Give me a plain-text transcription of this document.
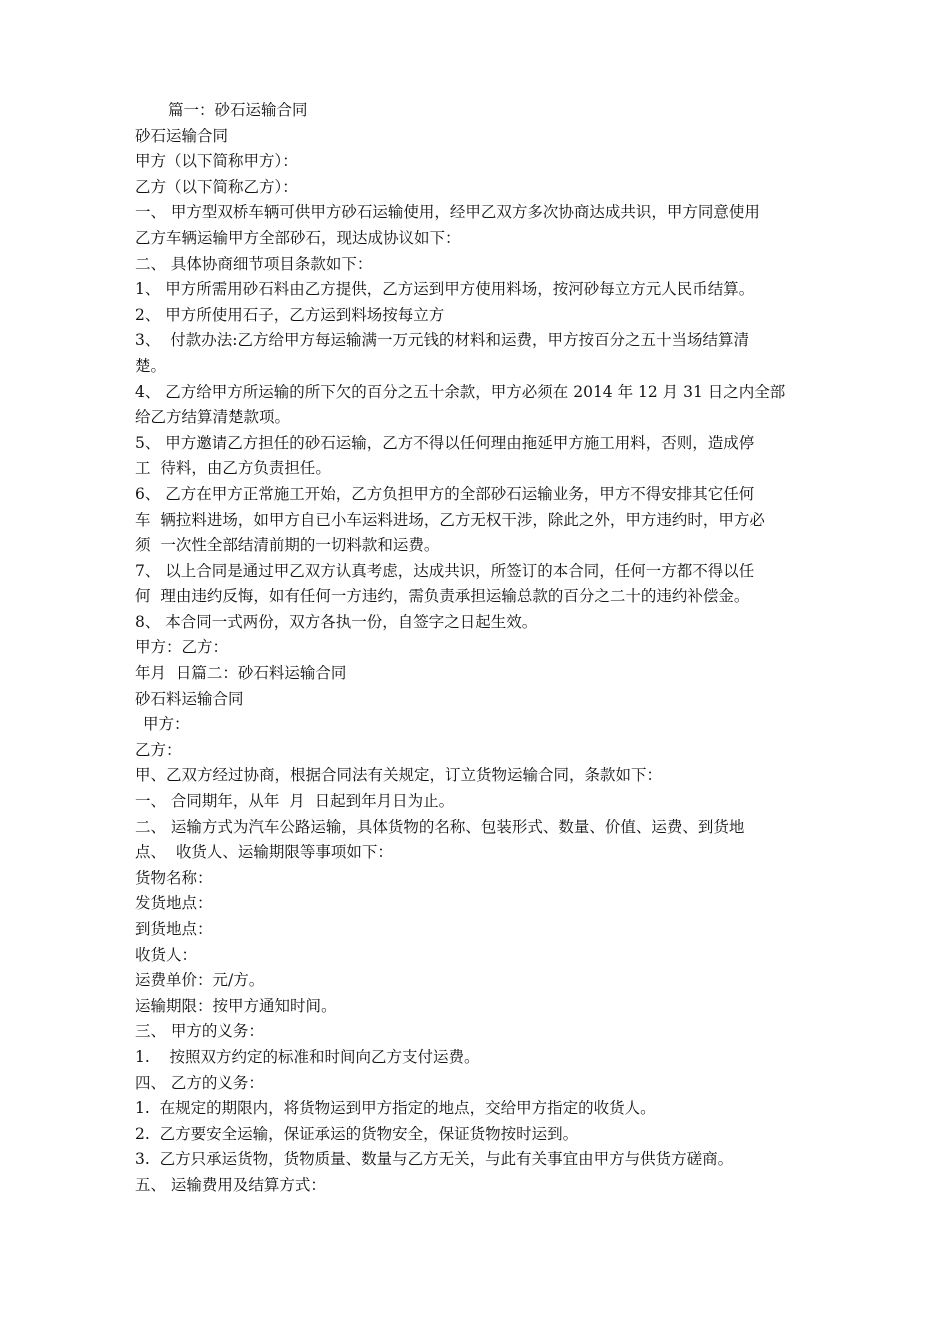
篇一：砂石运输合同
砂石运输合同
甲方（以下简称甲方）：
乙方（以下简称乙方）：
一、 甲方型双桥车辆可供甲方砂石运输使用，经甲乙双方多次协商达成共识，甲方同意使用
乙方车辆运输甲方全部砂石，现达成协议如下：
二、 具体协商细节项目条款如下：
1、 甲方所需用砂石料由乙方提供，乙方运到甲方使用料场，按河砂每立方元人民币结算。
2、 甲方所使用石子，乙方运到料场按每立方
3、  付款办法:乙方给甲方每运输满一万元钱的材料和运费，甲方按百分之五十当场结算清
楚。
4、 乙方给甲方所运输的所下欠的百分之五十余款，甲方必须在 2014 年 12 月 31 日之内全部
给乙方结算清楚款项。
5、 甲方邀请乙方担任的砂石运输，乙方不得以任何理由拖延甲方施工用料，否则，造成停
工  待料，由乙方负责担任。
6、 乙方在甲方正常施工开始，乙方负担甲方的全部砂石运输业务，甲方不得安排其它任何
车  辆拉料进场，如甲方自已小车运料进场，乙方无权干涉，除此之外，甲方违约时，甲方必
须  一次性全部结清前期的一切料款和运费。
7、 以上合同是通过甲乙双方认真考虑，达成共识，所签订的本合同，任何一方都不得以任
何  理由违约反悔，如有任何一方违约，需负责承担运输总款的百分之二十的违约补偿金。
8、 本合同一式两份，双方各执一份，自签字之日起生效。
甲方：乙方：
年月  日篇二：砂石料运输合同
砂石料运输合同
甲方：
乙方：
甲、乙双方经过协商，根据合同法有关规定，订立货物运输合同，条款如下：
一、 合同期年，从年  月  日起到年月日为止。
二、 运输方式为汽车公路运输，具体货物的名称、包装形式、数量、价值、运费、到货地
点、  收货人、运输期限等事项如下：
货物名称：
发货地点：
到货地点：
收货人：
运费单价：元/方。
运输期限：按甲方通知时间。
三、 甲方的义务：
1.    按照双方约定的标准和时间向乙方支付运费。
四、 乙方的义务：
1.  在规定的期限内，将货物运到甲方指定的地点，交给甲方指定的收货人。
2.  乙方要安全运输，保证承运的货物安全，保证货物按时运到。
3.  乙方只承运货物，货物质量、数量与乙方无关，与此有关事宜由甲方与供货方磋商。
五、 运输费用及结算方式：
